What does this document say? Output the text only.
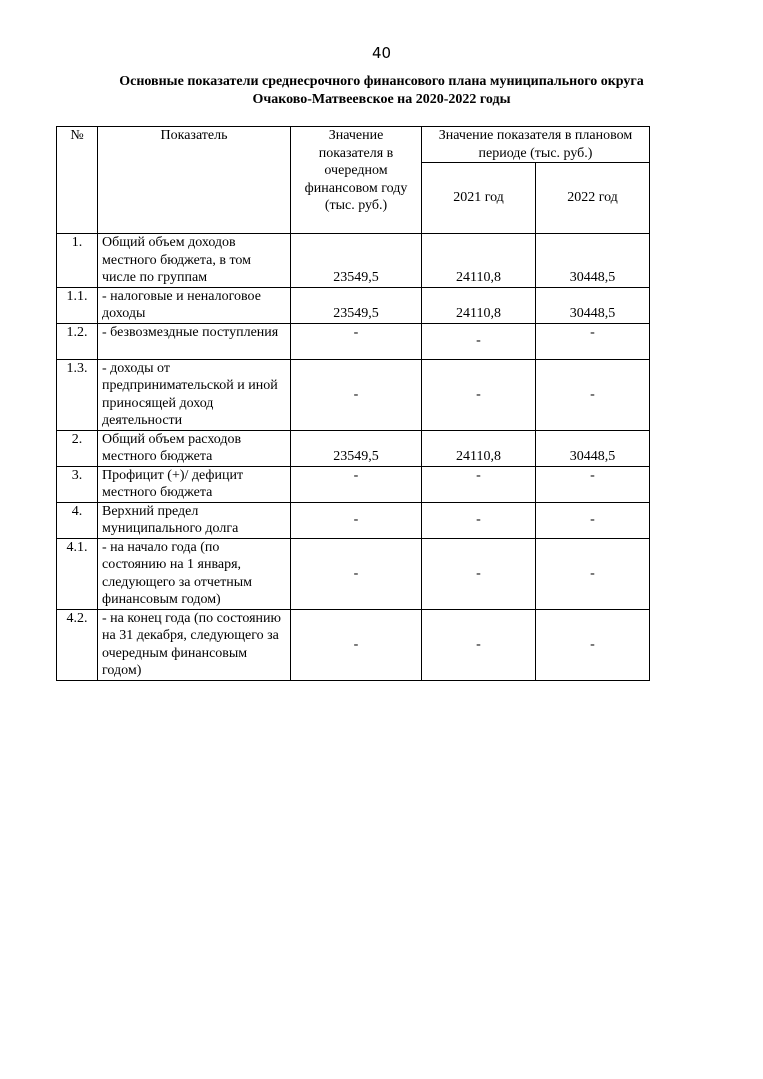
40
Основные показатели среднесрочного финансового плана муниципального округа
Очаково-Матвеевское на 2020-2022 годы
№	Показатель	Значение показателя в очередном финансовом году (тыс. руб.)	Значение показателя в плановом периоде (тыс. руб.)	
			2021 год	2022 год
1.	Общий объем доходов местного бюджета, в том числе по группам	23549,5	24110,8	30448,5
1.1.	- налоговые и неналоговое доходы	23549,5	24110,8	30448,5
1.2.	- безвозмездные поступления	-	-	-
1.3.	- доходы от предпринимательской и иной приносящей доход деятельности	-	-	-
2.	Общий объем расходов местного бюджета	23549,5	24110,8	30448,5
3.	Профицит (+)/ дефицит местного бюджета	-	-	-
4.	Верхний предел муниципального долга	-	-	-
4.1.	- на начало года (по состоянию на 1 января, следующего за отчетным финансовым годом)	-	-	-
4.2.	- на конец года (по состоянию на 31 декабря, следующего за очередным финансовым годом)	-	-	-
